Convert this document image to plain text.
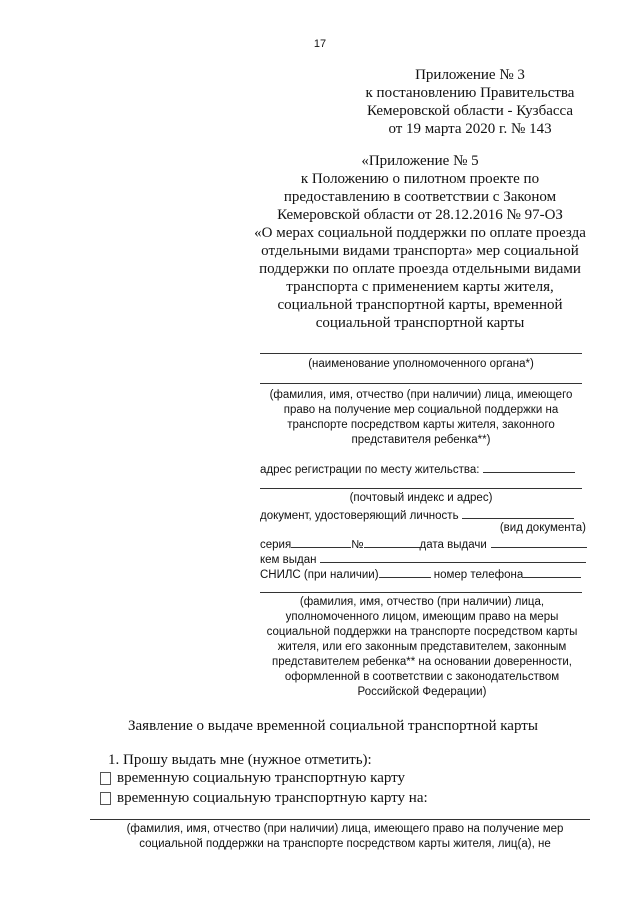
17
Приложение № 3
к постановлению Правительства
Кемеровской области - Кузбасса
от 19 марта 2020 г. № 143
«Приложение № 5
к Положению о пилотном проекте по
предоставлению в соответствии с Законом
Кемеровской области от 28.12.2016 № 97-ОЗ
«О мерах социальной поддержки по оплате проезда
отдельными видами транспорта» мер социальной
поддержки по оплате проезда отдельными видами
транспорта с применением карты жителя,
социальной транспортной карты, временной
социальной транспортной карты
(наименование уполномоченного органа*)
(фамилия, имя, отчество (при наличии) лица, имеющего
право на получение мер социальной поддержки на
транспорте посредством карты жителя, законного
представителя ребенка**)
адрес регистрации по месту жительства:
(почтовый индекс и адрес)
документ, удостоверяющий личность
(вид документа)
серия	№	дата выдачи
кем выдан
СНИЛС (при наличии)	номер телефона
(фамилия, имя, отчество (при наличии) лица,
уполномоченного лицом, имеющим право на меры
социальной поддержки на транспорте посредством карты
жителя, или его законным представителем, законным
представителем ребенка** на основании доверенности,
оформленной в соответствии с законодательством
Российской Федерации)
Заявление о выдаче временной социальной транспортной карты
1. Прошу выдать мне (нужное отметить):
временную социальную транспортную карту
временную социальную транспортную карту на:
(фамилия, имя, отчество (при наличии) лица, имеющего право на получение мер
социальной поддержки на транспорте посредством карты жителя, лиц(а), не
